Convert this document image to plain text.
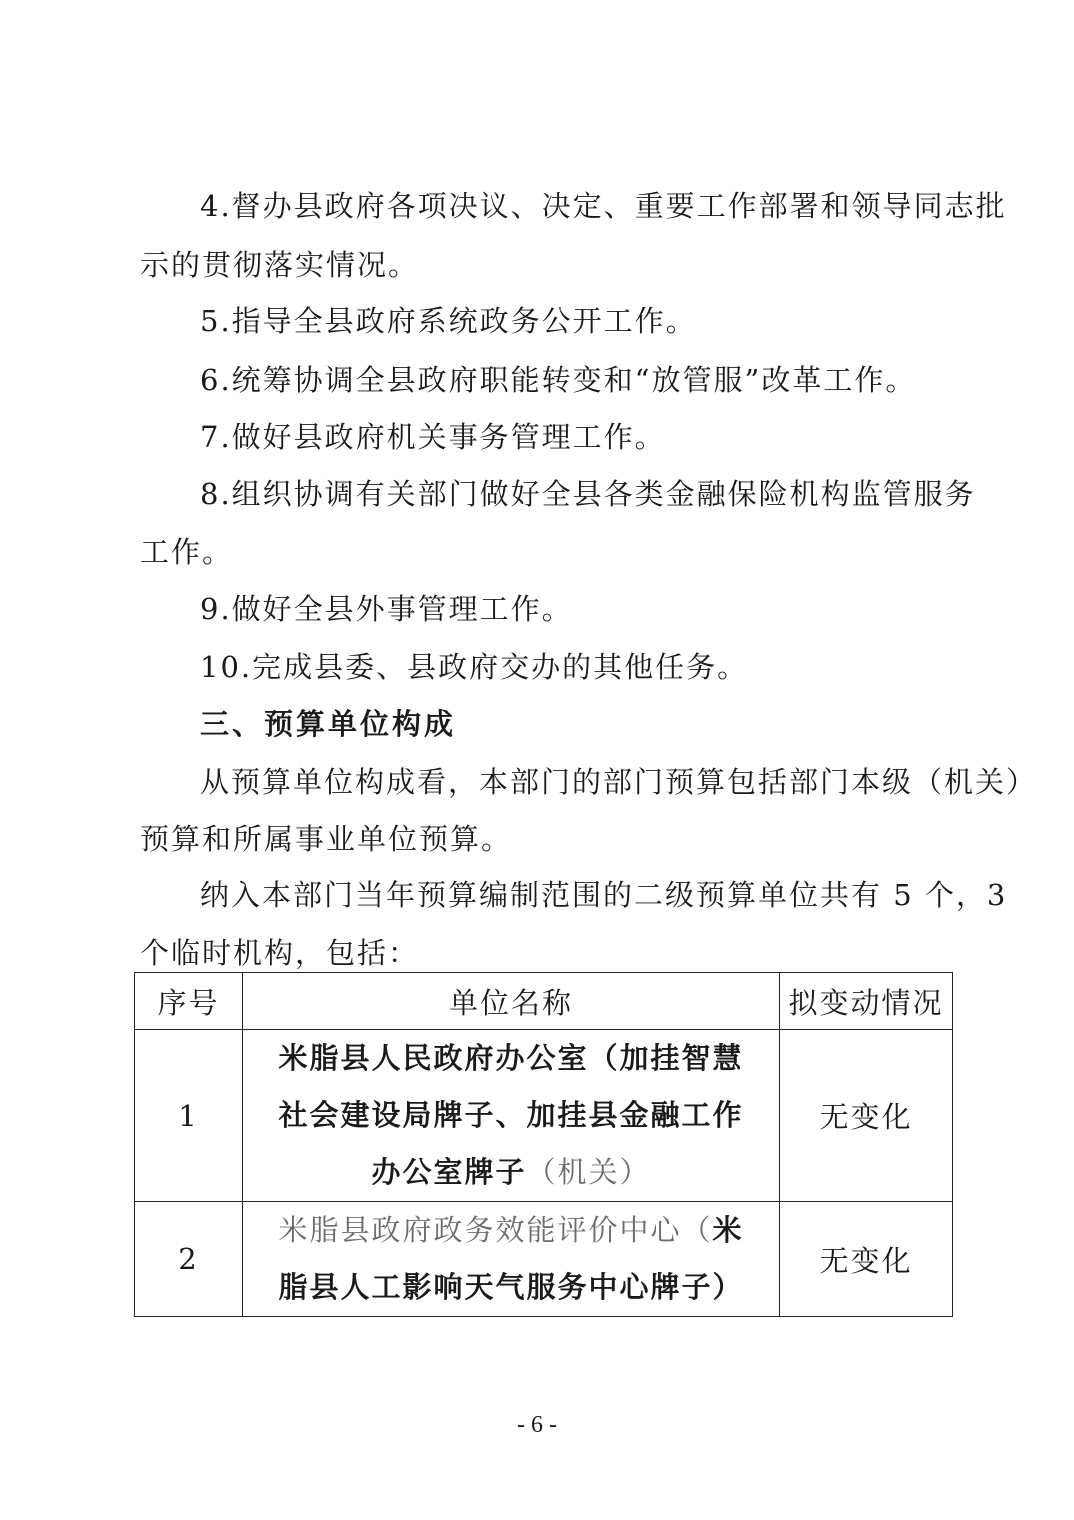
4.督办县政府各项决议、决定、重要工作部署和领导同志批
示的贯彻落实情况。
5.指导全县政府系统政务公开工作。
6.统筹协调全县政府职能转变和“放管服”改革工作。
7.做好县政府机关事务管理工作。
8.组织协调有关部门做好全县各类金融保险机构监管服务
工作。
9.做好全县外事管理工作。
10.完成县委、县政府交办的其他任务。
三、预算单位构成
从预算单位构成看，本部门的部门预算包括部门本级（机关）
预算和所属事业单位预算。
纳入本部门当年预算编制范围的二级预算单位共有 5 个，3
个临时机构，包括：
序号	单位名称	拟变动情况
1	米脂县人民政府办公室（加挂智慧
社会建设局牌子、加挂县金融工作
办公室牌子（机关）	无变化
2	米脂县政府政务效能评价中心（米
脂县人工影响天气服务中心牌子）	无变化
- 6 -
